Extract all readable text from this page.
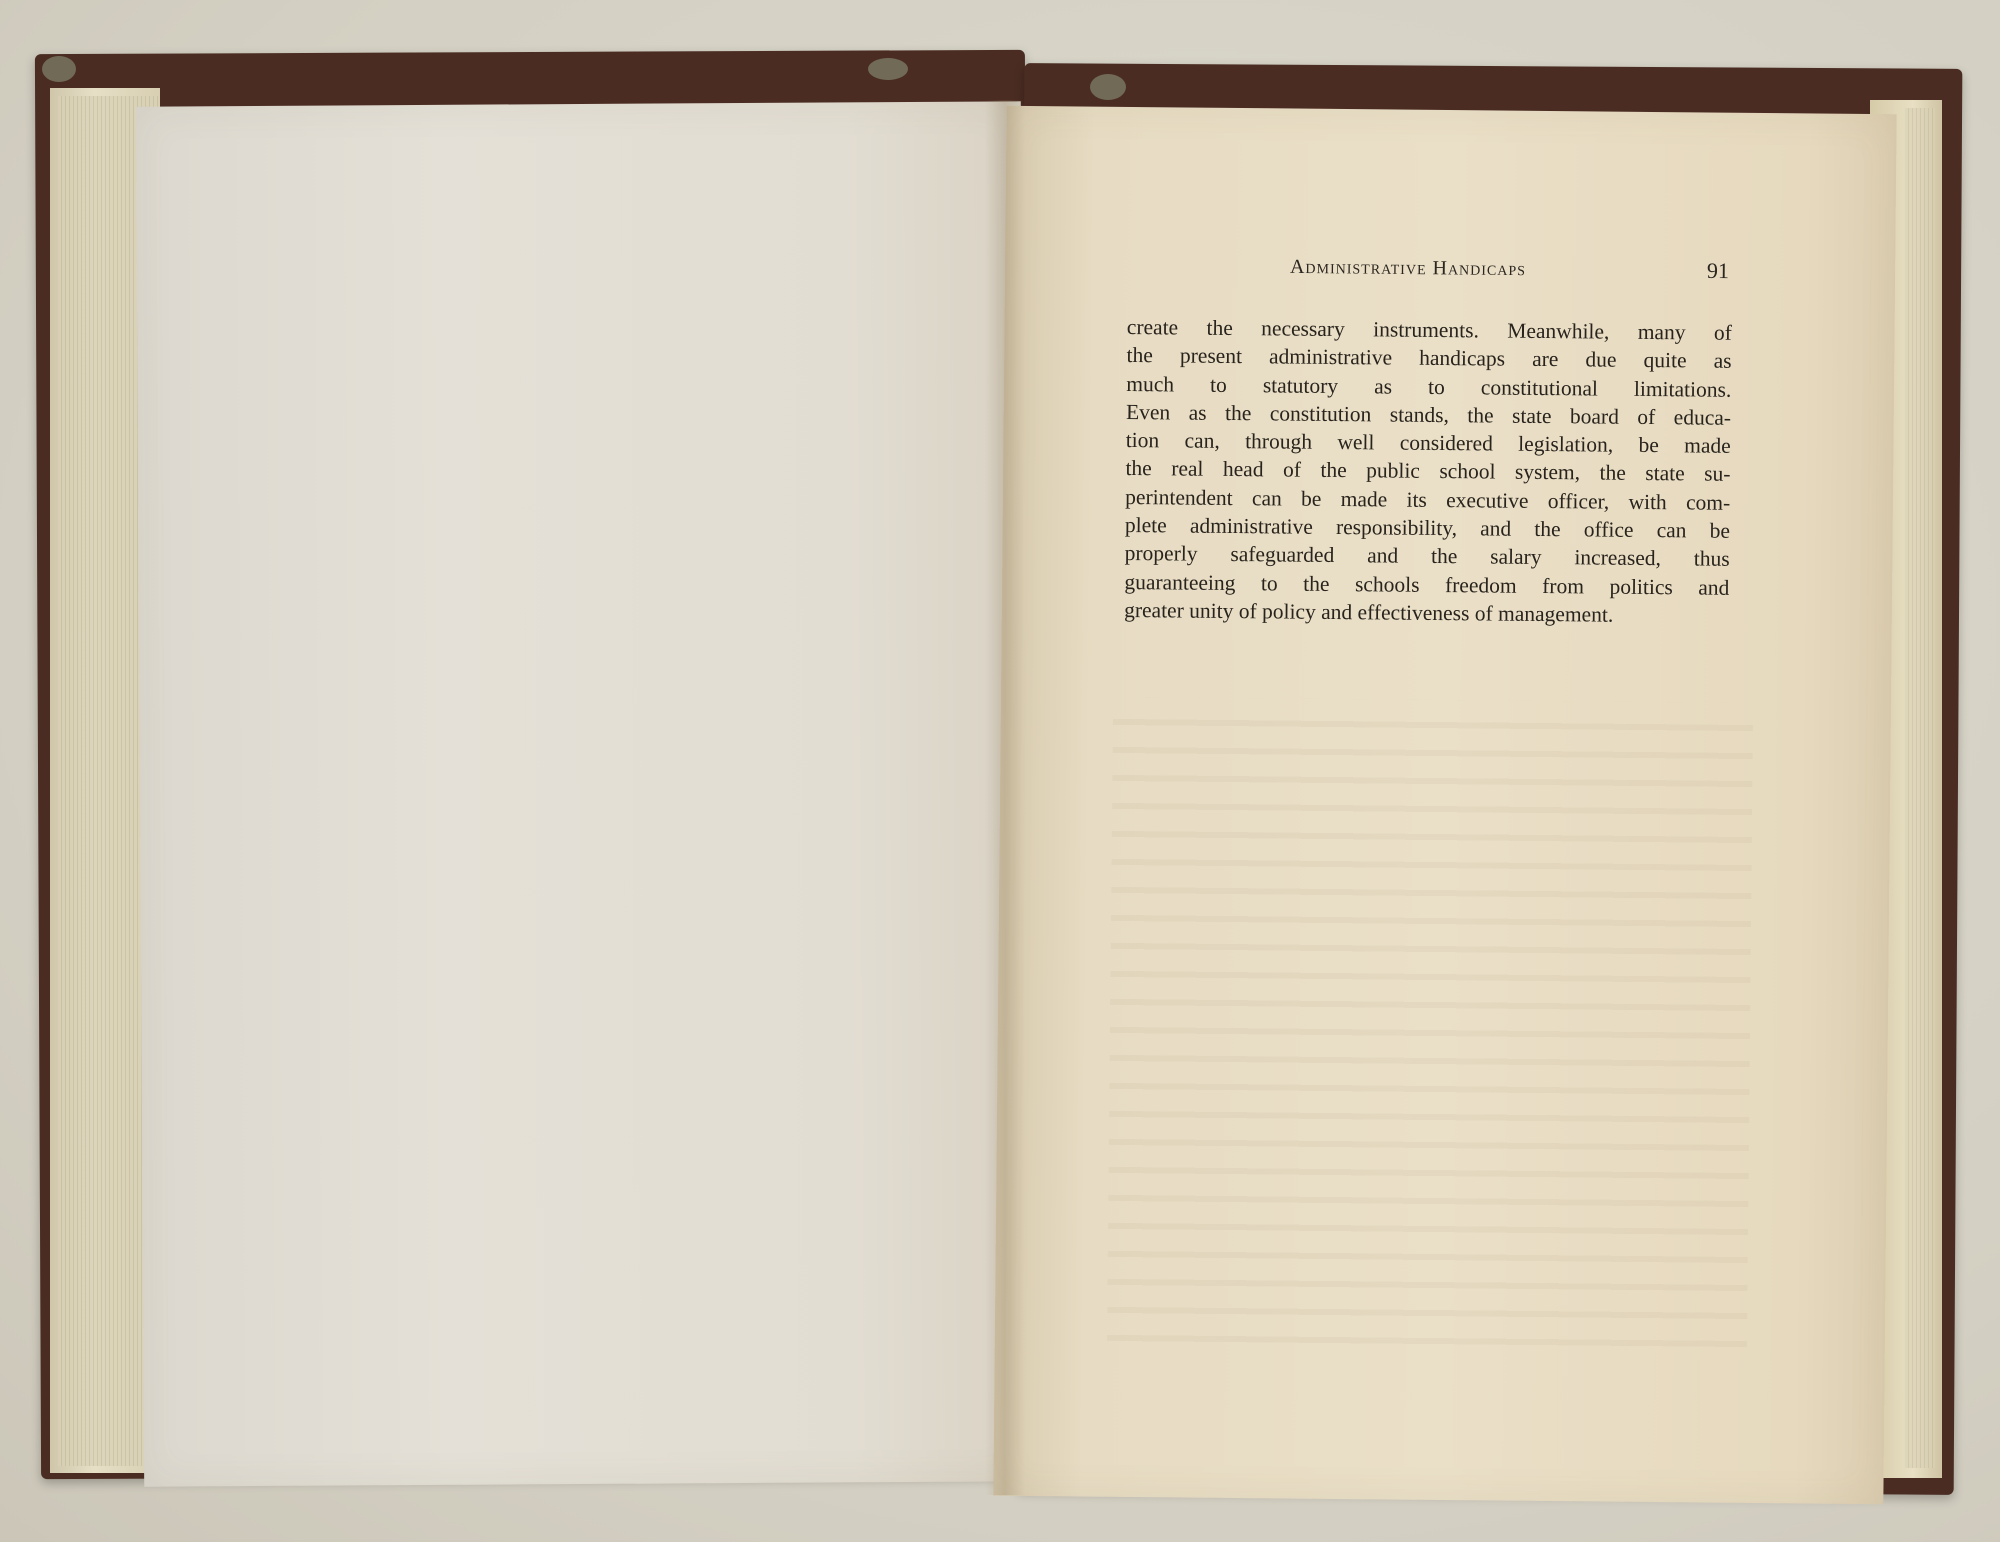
Administrative Handicaps	91
create the necessary instruments. Meanwhile, many of
the present administrative handicaps are due quite as
much to statutory as to constitutional limitations.
Even as the constitution stands, the state board of educa-
tion can, through well considered legislation, be made
the real head of the public school system, the state su-
perintendent can be made its executive officer, with com-
plete administrative responsibility, and the office can be
properly safeguarded and the salary increased, thus
guaranteeing to the schools freedom from politics and
greater unity of policy and effectiveness of management.
